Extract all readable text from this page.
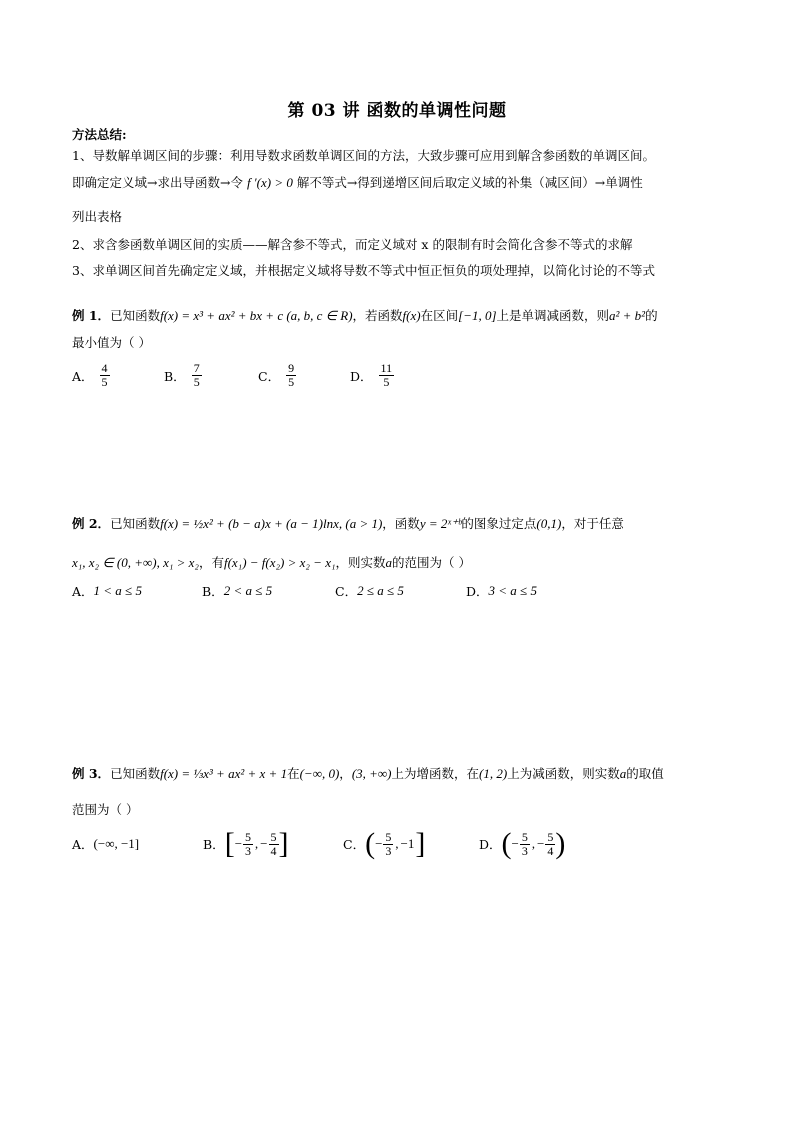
第 03 讲 函数的单调性问题
方法总结:
1、导数解单调区间的步骤：利用导数求函数单调区间的方法，大致步骤可应用到解含参函数的单调区间。
即确定定义域→求出导函数→令 f ′(x) > 0 解不等式→得到递增区间后取定义域的补集（减区间）→单调性
列出表格
2、求含参函数单调区间的实质——解含参不等式，而定义域对 x 的限制有时会简化含参不等式的求解
3、求单调区间首先确定定义域，并根据定义域将导数不等式中恒正恒负的项处理掉，以简化讨论的不等式
例 1．已知函数f(x) = x³ + ax² + bx + c (a, b, c ∈ R)，若函数f(x)在区间[−1, 0]上是单调减函数，则a² + b²的
最小值为（ ）
A． $\frac{4}{5}$	B． $\frac{7}{5}$	C． $\frac{9}{5}$	D． $\frac{11}{5}$
例 2．已知函数f(x) = ½x² + (b − a)x + (a − 1)lnx, (a > 1)，函数y = 2ˣ⁺ᵇ的图象过定点(0,1)，对于任意
x₁, x₂ ∈ (0, +∞), x₁ > x₂，有f(x₁) − f(x₂) > x₂ − x₁，则实数a的范围为（ ）
A． 1 < a ≤ 5	B． 2 < a ≤ 5	C． 2 ≤ a ≤ 5	D． 3 < a ≤ 5
例 3．已知函数f(x) = ⅓x³ + ax² + x + 1在(−∞, 0)，(3, +∞)上为增函数，在(1, 2)上为减函数，则实数a的取值
范围为（ ）
A． (−∞, −1]	B． [ − $\frac{5}{3}$ , − $\frac{5}{4}$ ]	C． ( − $\frac{5}{3}$ , −1 ]	D． ( − $\frac{5}{3}$ , − $\frac{5}{4}$ )
